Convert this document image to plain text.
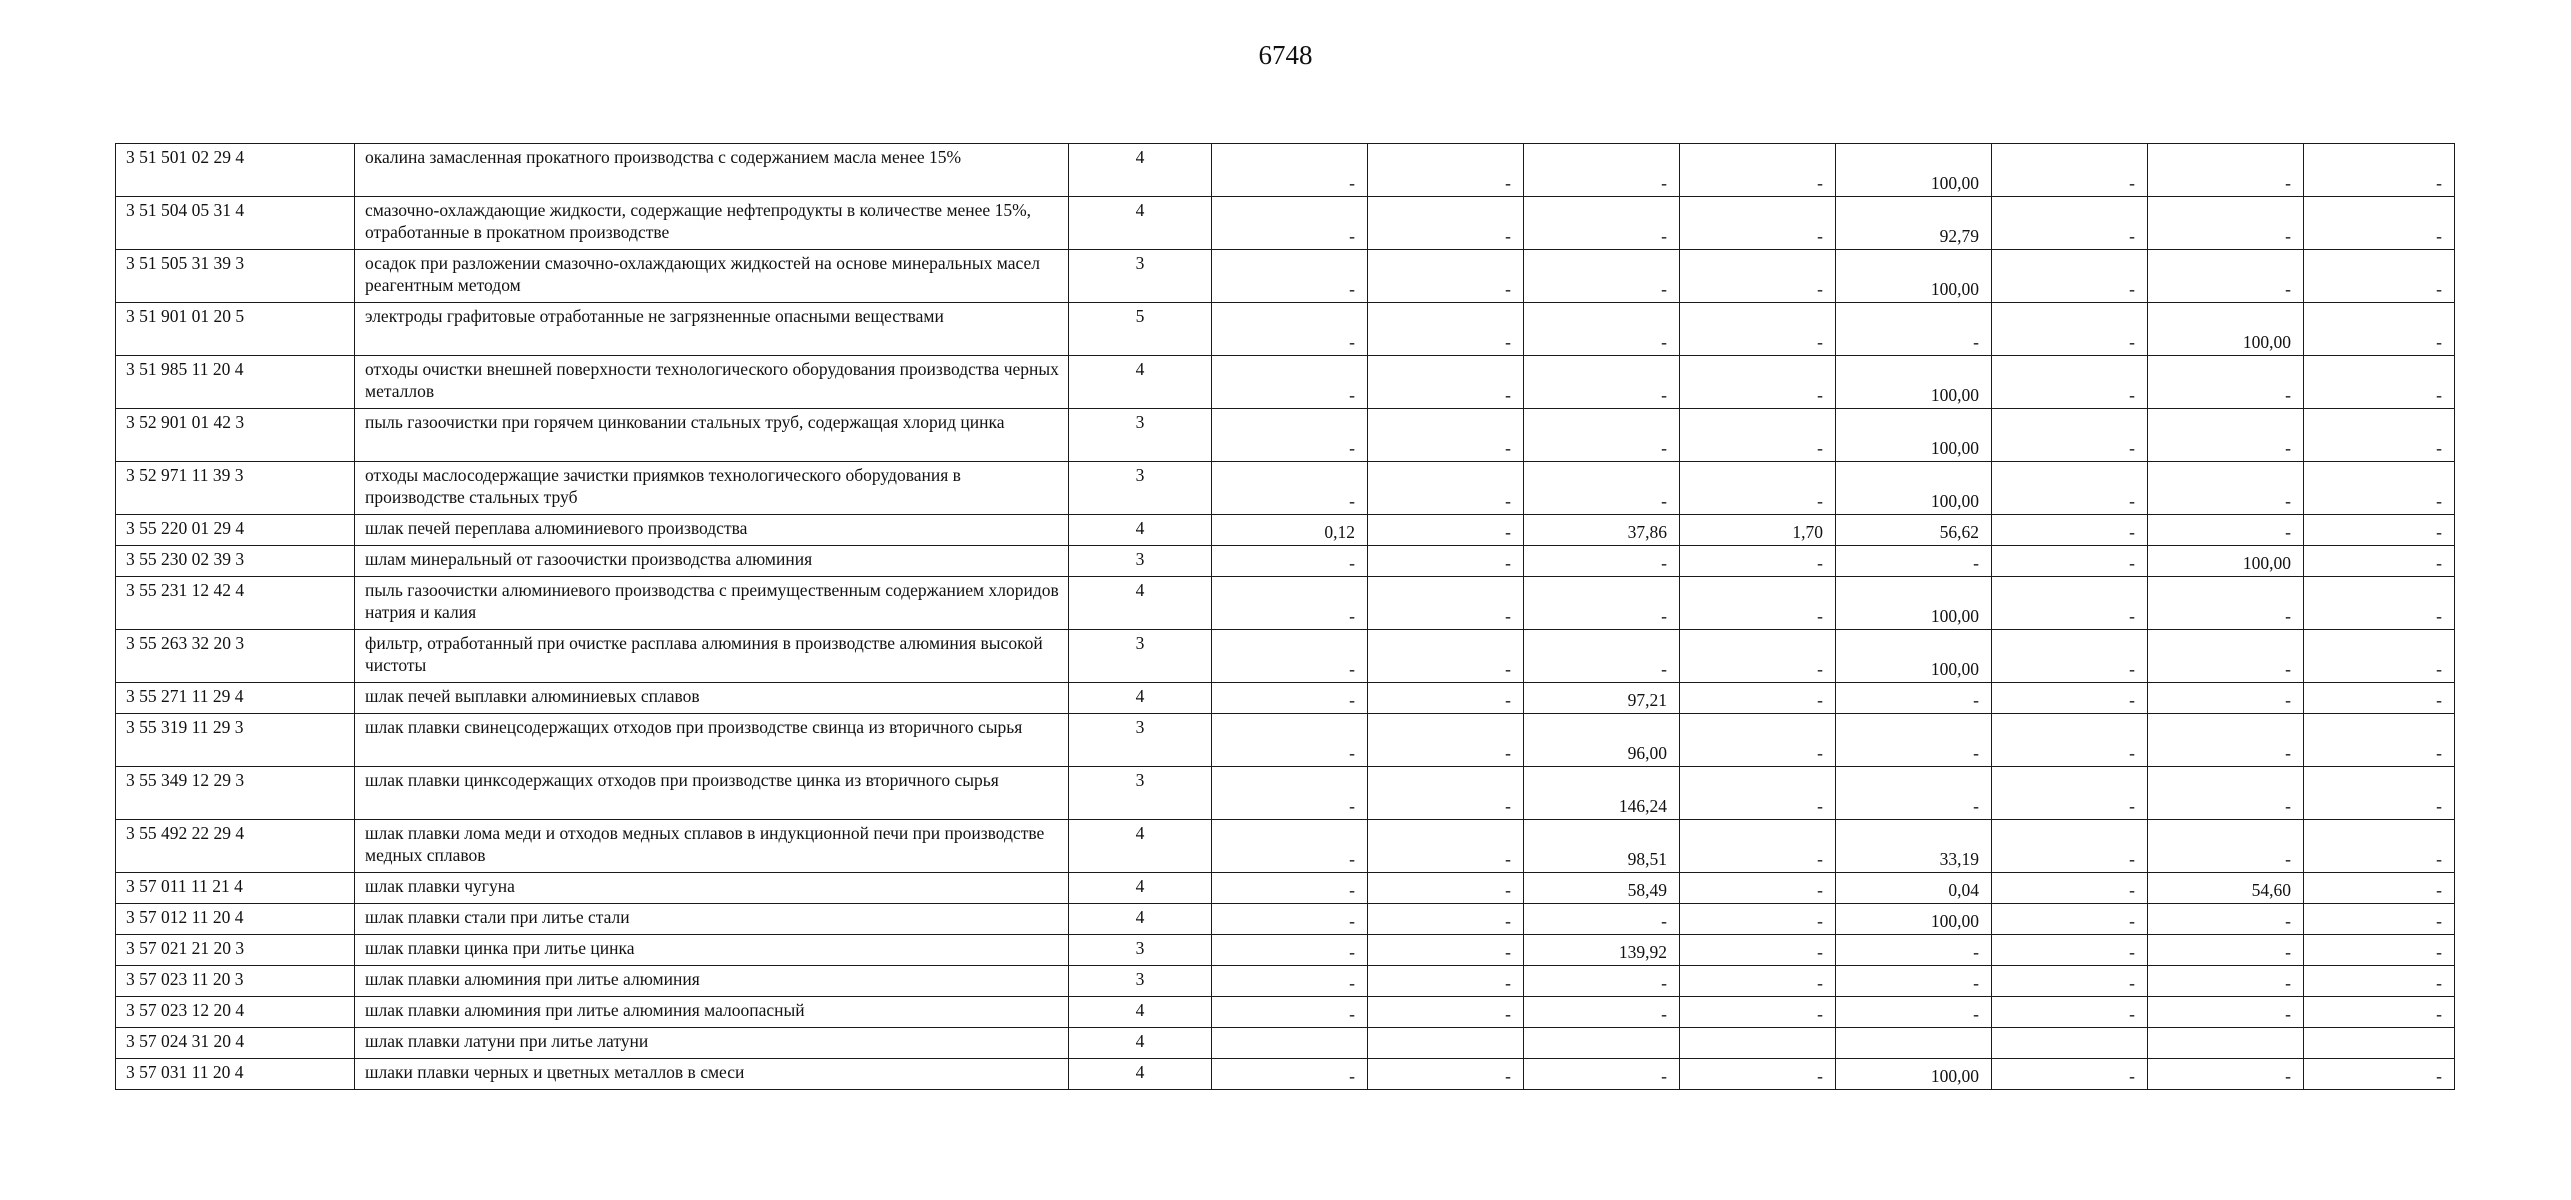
6748
3 51 501 02 29 4	окалина замасленная прокатного производства с содержанием масла менее 15%	4	-	-	-	-	100,00	-	-	-
3 51 504 05 31 4	смазочно-охлаждающие жидкости, содержащие нефтепродукты в количестве менее 15%, отработанные в прокатном производстве	4	-	-	-	-	92,79	-	-	-
3 51 505 31 39 3	осадок при разложении смазочно-охлаждающих жидкостей на основе минеральных масел реагентным методом	3	-	-	-	-	100,00	-	-	-
3 51 901 01 20 5	электроды графитовые отработанные не загрязненные опасными веществами	5	-	-	-	-	-	-	100,00	-
3 51 985 11 20 4	отходы очистки внешней поверхности технологического оборудования производства черных металлов	4	-	-	-	-	100,00	-	-	-
3 52 901 01 42 3	пыль газоочистки при горячем цинковании стальных труб, содержащая хлорид цинка	3	-	-	-	-	100,00	-	-	-
3 52 971 11 39 3	отходы маслосодержащие зачистки приямков технологического оборудования в производстве стальных труб	3	-	-	-	-	100,00	-	-	-
3 55 220 01 29 4	шлак печей переплава алюминиевого производства	4	0,12	-	37,86	1,70	56,62	-	-	-
3 55 230 02 39 3	шлам минеральный от газоочистки производства алюминия	3	-	-	-	-	-	-	100,00	-
3 55 231 12 42 4	пыль газоочистки алюминиевого производства с преимущественным содержанием хлоридов натрия и калия	4	-	-	-	-	100,00	-	-	-
3 55 263 32 20 3	фильтр, отработанный при очистке расплава алюминия в производстве алюминия высокой чистоты	3	-	-	-	-	100,00	-	-	-
3 55 271 11 29 4	шлак печей выплавки алюминиевых сплавов	4	-	-	97,21	-	-	-	-	-
3 55 319 11 29 3	шлак плавки свинецсодержащих отходов при производстве свинца из вторичного сырья	3	-	-	96,00	-	-	-	-	-
3 55 349 12 29 3	шлак плавки цинксодержащих отходов при производстве цинка из вторичного сырья	3	-	-	146,24	-	-	-	-	-
3 55 492 22 29 4	шлак плавки лома меди и отходов медных сплавов в индукционной печи при производстве медных сплавов	4	-	-	98,51	-	33,19	-	-	-
3 57 011 11 21 4	шлак плавки чугуна	4	-	-	58,49	-	0,04	-	54,60	-
3 57 012 11 20 4	шлак плавки стали при литье стали	4	-	-	-	-	100,00	-	-	-
3 57 021 21 20 3	шлак плавки цинка при литье цинка	3	-	-	139,92	-	-	-	-	-
3 57 023 11 20 3	шлак плавки алюминия при литье алюминия	3	-	-	-	-	-	-	-	-
3 57 023 12 20 4	шлак плавки алюминия при литье алюминия малоопасный	4	-	-	-	-	-	-	-	-
3 57 024 31 20 4	шлак плавки латуни при литье латуни	4								
3 57 031 11 20 4	шлаки плавки черных и цветных металлов в смеси	4	-	-	-	-	100,00	-	-	-
